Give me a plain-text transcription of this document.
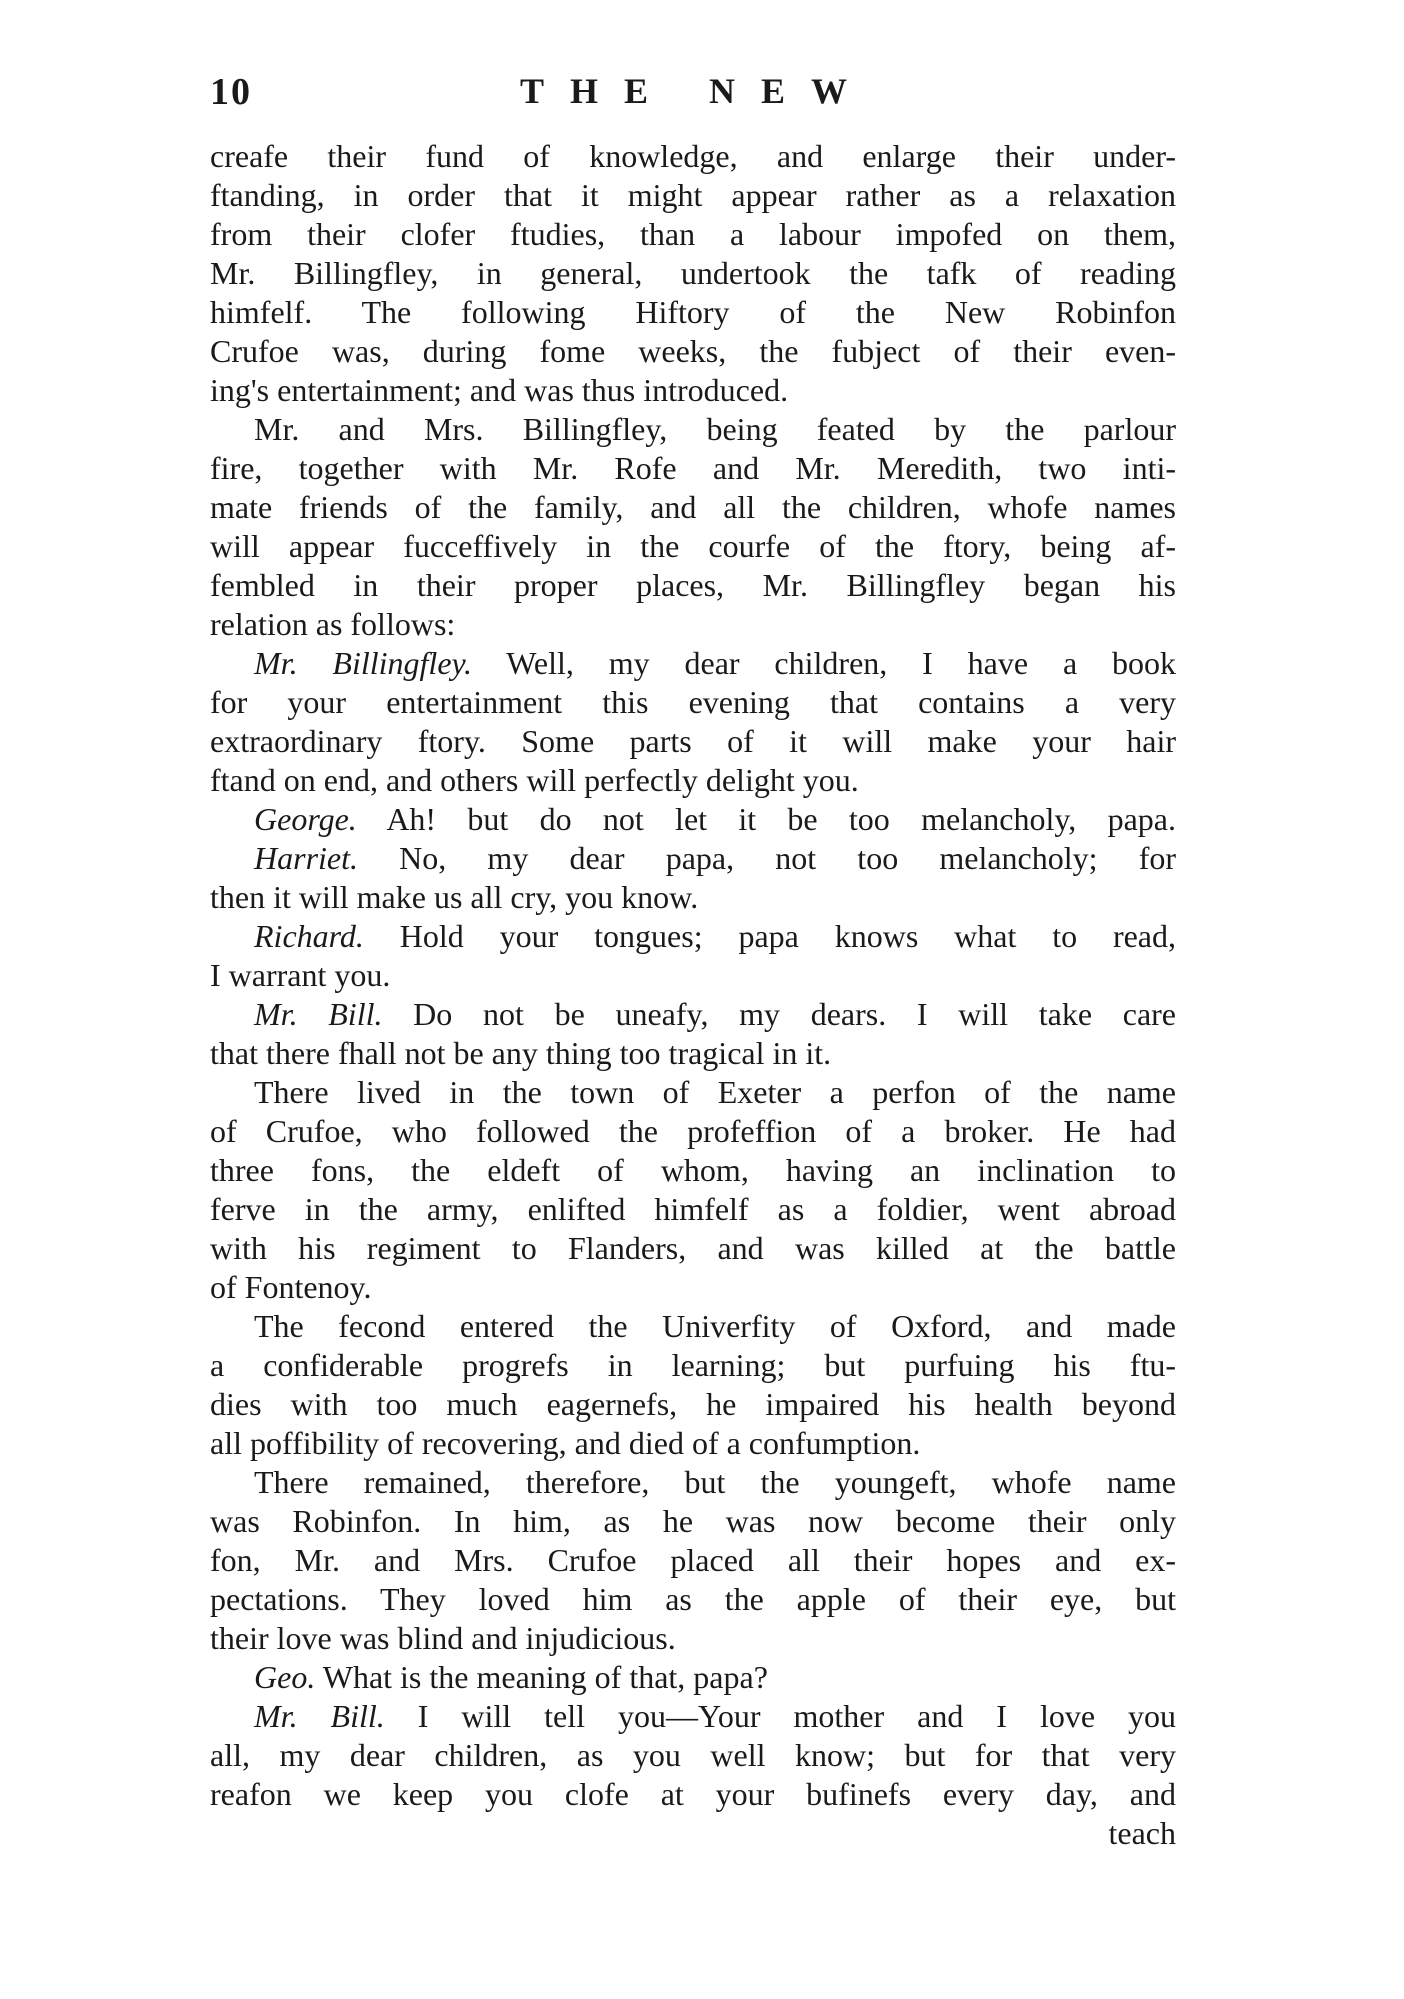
10	THE NEW
creafe their fund of knowledge, and enlarge their under-
ftanding, in order that it might appear rather as a relaxation
from their clofer ftudies, than a labour impofed on them,
Mr. Billingfley, in general, undertook the tafk of reading
himfelf. The following Hiftory of the New Robinfon
Crufoe was, during fome weeks, the fubject of their even-
ing's entertainment; and was thus introduced.
Mr. and Mrs. Billingfley, being feated by the parlour
fire, together with Mr. Rofe and Mr. Meredith, two inti-
mate friends of the family, and all the children, whofe names
will appear fucceffively in the courfe of the ftory, being af-
fembled in their proper places, Mr. Billingfley began his
relation as follows:
Mr. Billingfley. Well, my dear children, I have a book
for your entertainment this evening that contains a very
extraordinary ftory. Some parts of it will make your hair
ftand on end, and others will perfectly delight you.
George. Ah! but do not let it be too melancholy, papa.
Harriet. No, my dear papa, not too melancholy; for
then it will make us all cry, you know.
Richard. Hold your tongues; papa knows what to read,
I warrant you.
Mr. Bill. Do not be uneafy, my dears. I will take care
that there fhall not be any thing too tragical in it.
There lived in the town of Exeter a perfon of the name
of Crufoe, who followed the profeffion of a broker. He had
three fons, the eldeft of whom, having an inclination to
ferve in the army, enlifted himfelf as a foldier, went abroad
with his regiment to Flanders, and was killed at the battle
of Fontenoy.
The fecond entered the Univerfity of Oxford, and made
a confiderable progrefs in learning; but purfuing his ftu-
dies with too much eagernefs, he impaired his health beyond
all poffibility of recovering, and died of a confumption.
There remained, therefore, but the youngeft, whofe name
was Robinfon. In him, as he was now become their only
fon, Mr. and Mrs. Crufoe placed all their hopes and ex-
pectations. They loved him as the apple of their eye, but
their love was blind and injudicious.
Geo. What is the meaning of that, papa?
Mr. Bill. I will tell you—Your mother and I love you
all, my dear children, as you well know; but for that very
reafon we keep you clofe at your bufinefs every day, and
teach
